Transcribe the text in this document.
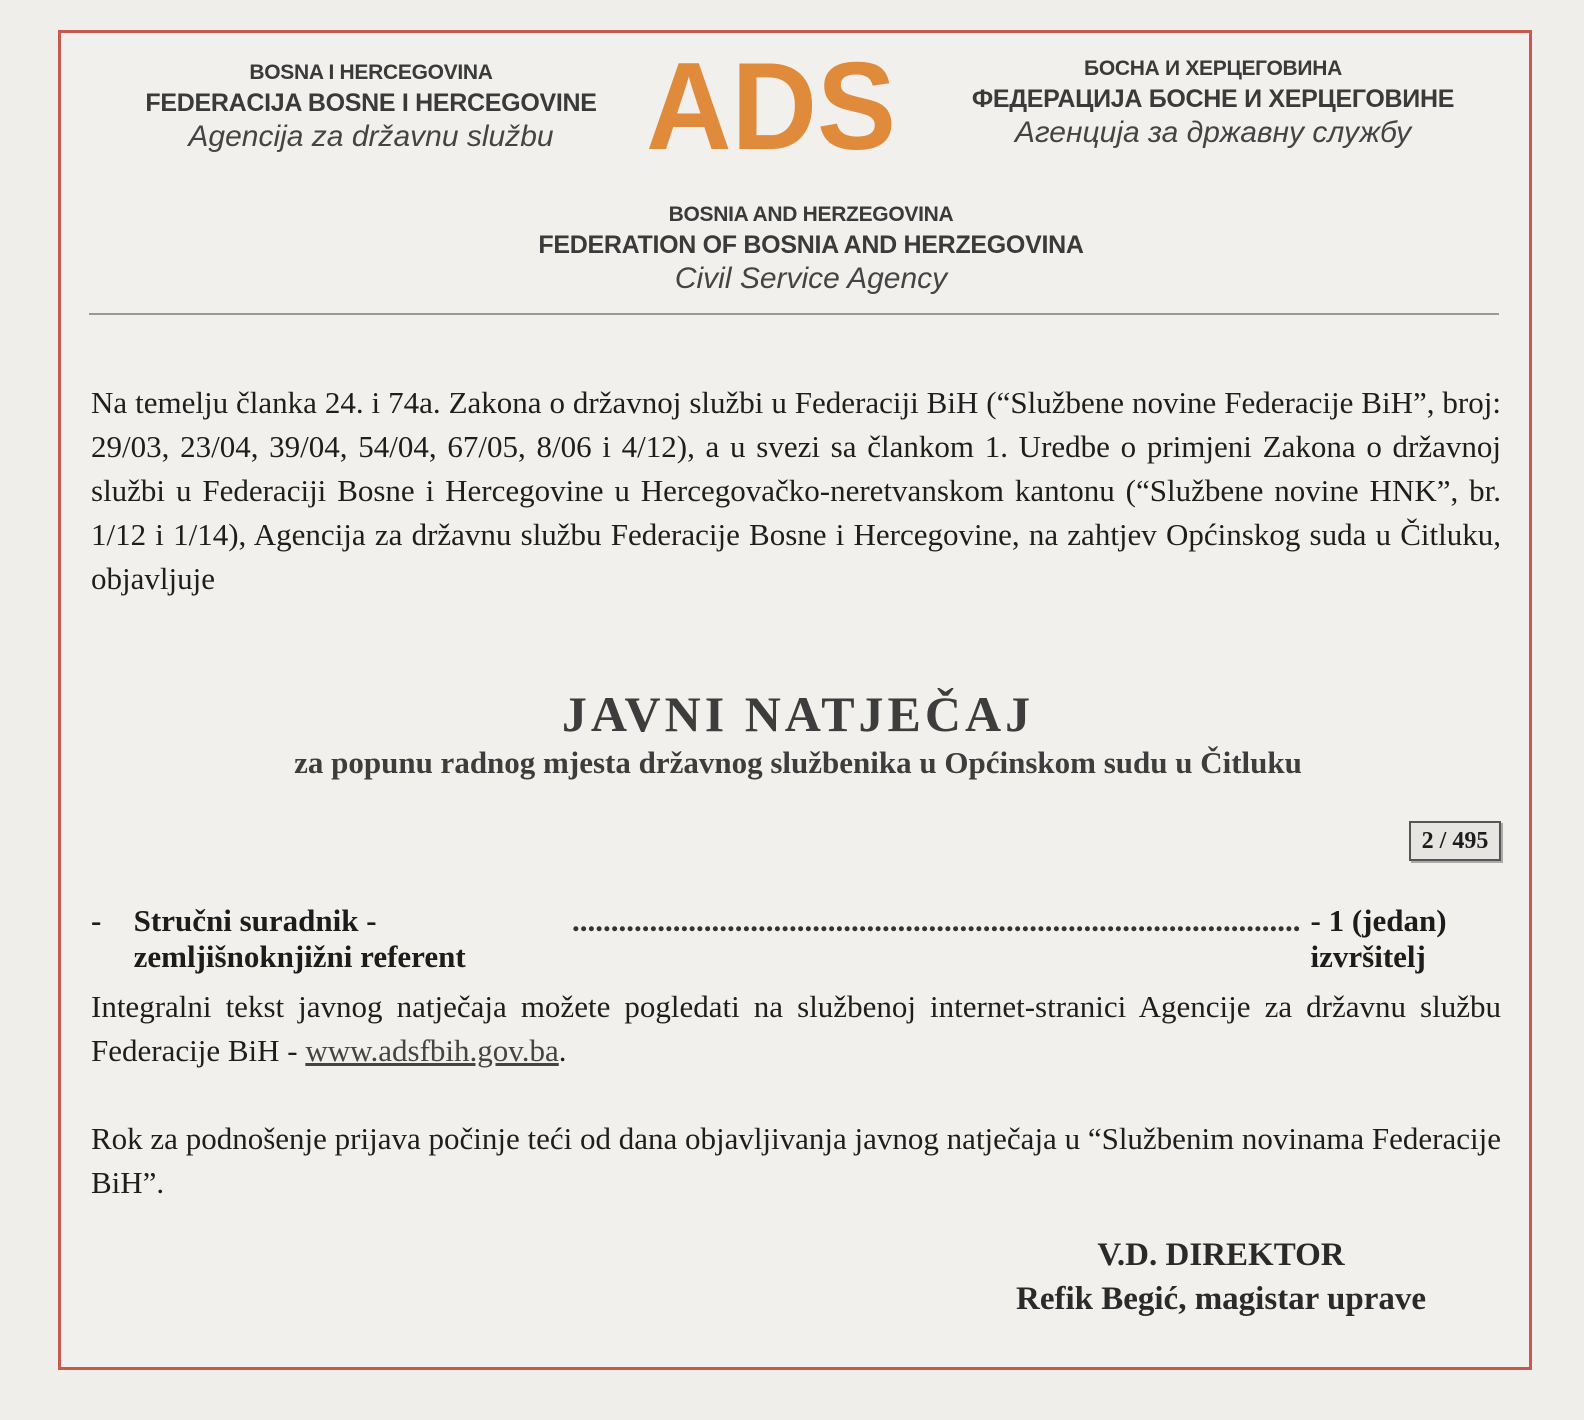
BOSNA I HERCEGOVINA
FEDERACIJA BOSNE I HERCEGOVINE
Agencija za državnu službu ADS	БОСНА И ХЕРЦЕГОВИНА
ФЕДЕРАЦИЈА БОСНЕ И ХЕРЦЕГОВИНЕ
Агенција за државну службу
BOSNIA AND HERZEGOVINA
FEDERATION OF BOSNIA AND HERZEGOVINA
Civil Service Agency
Na temelju članka 24. i 74a. Zakona o državnoj službi u Federaciji BiH (“Službene novine Federacije BiH”, broj: 29/03, 23/04, 39/04, 54/04, 67/05, 8/06 i 4/12), a u svezi sa člankom 1. Uredbe o primjeni Zakona o državnoj službi u Federaciji Bosne i Hercegovine u Hercegovačko-neretvanskom kantonu (“Službene novine HNK”, br. 1/12 i 1/14), Agencija za državnu službu Federacije Bosne i Hercegovine, na zahtjev Općinskog suda u Čitluku, objavljuje
JAVNI NATJEČAJ
za popunu radnog mjesta državnog službenika u Općinskom sudu u Čitluku
2 / 495
-	Stručni suradnik - zemljišnoknjižni referent
.............................................................................................. - 1 (jedan) izvršitelj
Integralni tekst javnog natječaja možete pogledati na službenoj internet-stranici Agencije za državnu službu Federacije BiH - www.adsfbih.gov.ba.
Rok za podnošenje prijava počinje teći od dana objavljivanja javnog natječaja u “Službenim novinama Federacije BiH”.
V.D. DIREKTOR
Refik Begić, magistar uprave
